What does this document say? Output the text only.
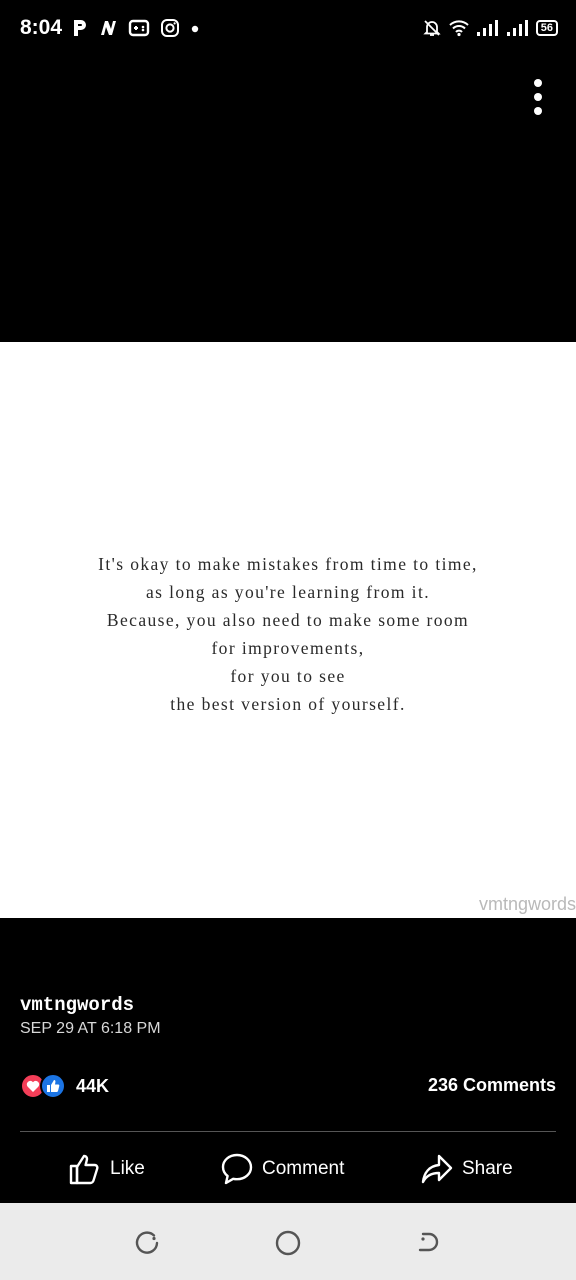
8:04	56
It's okay to make mistakes from time to time,
as long as you're learning from it.
Because, you also need to make some room
for improvements,
for you to see
the best version of yourself.
vmtngwords
vmtngwords
SEP 29 AT 6:18 PM
44K	236 Comments
Like	Comment	Share
